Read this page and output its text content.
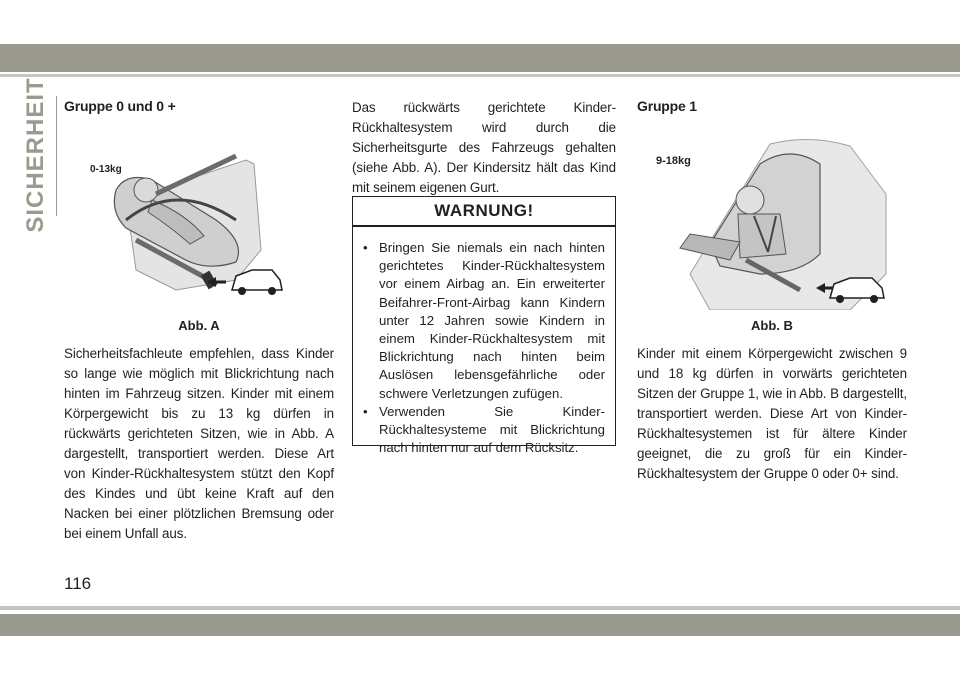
SICHERHEIT Gruppe 0 und 0 +
0-13kg
Abb. A

Sicherheitsfachleute empfehlen, dass Kinder so lange wie möglich mit Blickrichtung nach hinten im Fahrzeug sitzen. Kinder mit einem Körpergewicht bis zu 13 kg dürfen in rückwärts gerichteten Sitzen, wie in Abb. A dargestellt, transportiert werden. Diese Art von Kinder-Rückhaltesystem stützt den Kopf des Kindes und übt keine Kraft auf den Nacken bei einer plötzlichen Bremsung oder bei einem Unfall aus.

Das rückwärts gerichtete Kinder-Rückhaltesystem wird durch die Sicherheitsgurte des Fahrzeugs gehalten (siehe Abb. A). Der Kindersitz hält das Kind mit seinem eigenen Gurt.

WARNUNG!
• Bringen Sie niemals ein nach hinten gerichtetes Kinder-Rückhaltesystem vor einem Airbag an. Ein erweiterter Beifahrer-Front-Airbag kann Kindern unter 12 Jahren sowie Kindern in einem Kinder-Rückhaltesystem mit Blickrichtung nach hinten beim Auslösen lebensgefährliche oder schwere Verletzungen zufügen.
• Verwenden Sie Kinder-Rückhaltesysteme mit Blickrichtung nach hinten nur auf dem Rücksitz.
Gruppe 1
9-18kg
Abb. B

Kinder mit einem Körpergewicht zwischen 9 und 18 kg dürfen in vorwärts gerichteten Sitzen der Gruppe 1, wie in Abb. B dargestellt, transportiert werden. Diese Art von Kinder-Rückhaltesystemen ist für ältere Kinder geeignet, die zu groß für ein Kinder-Rückhaltesystem der Gruppe 0 oder 0+ sind.

116
